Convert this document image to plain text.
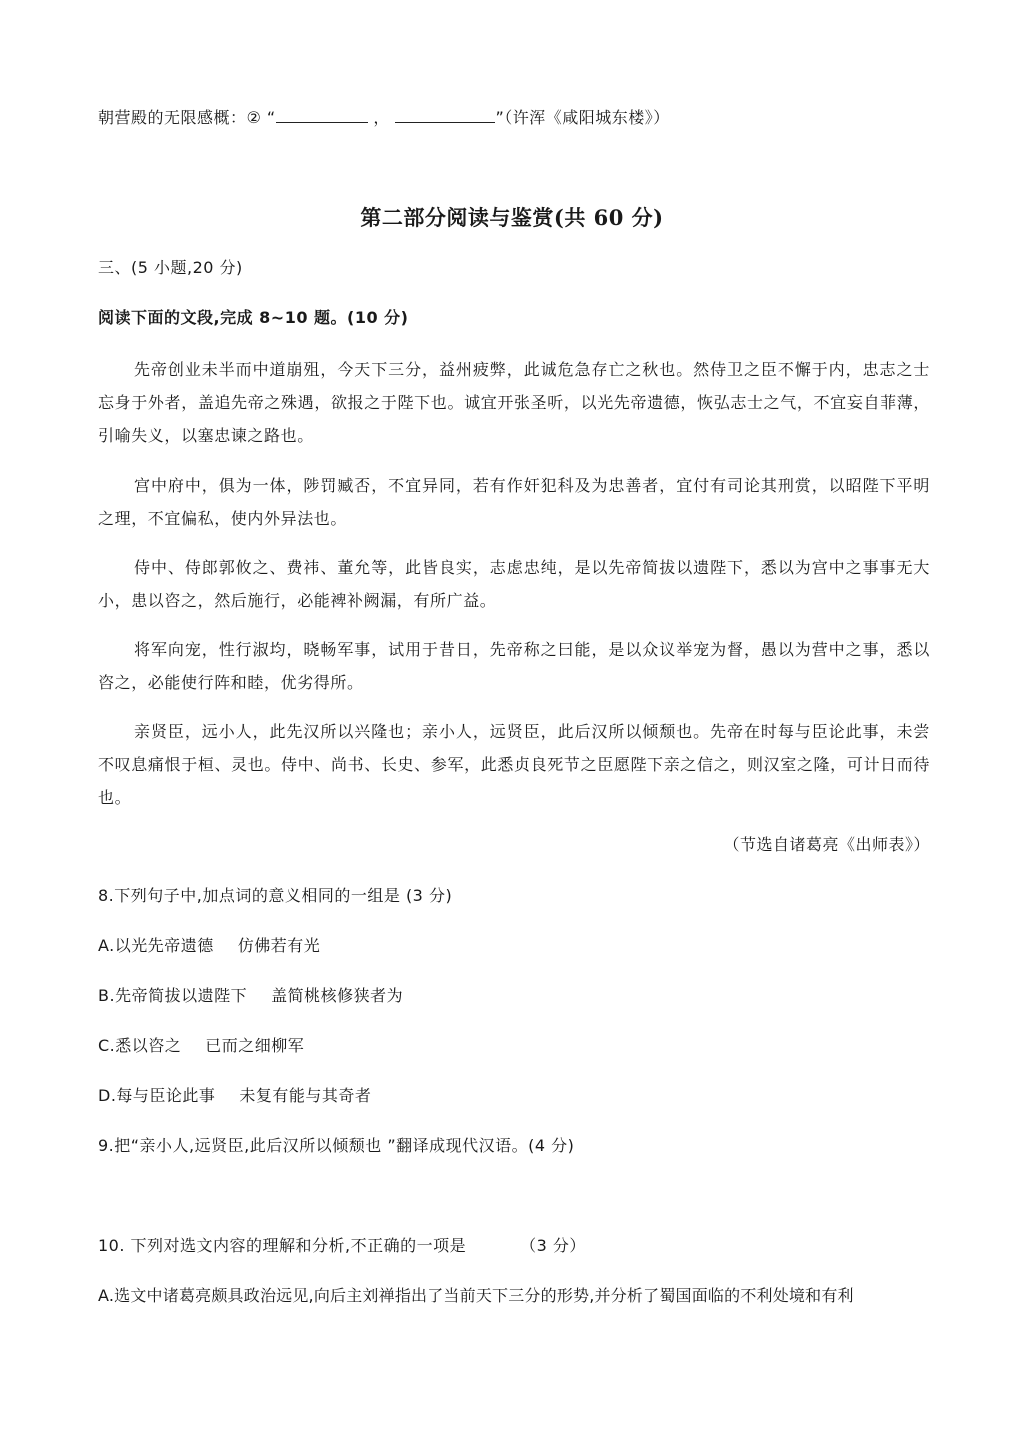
朝营殿的无限感概：② “	，	”（许浑《咸阳城东楼》）
第二部分阅读与鉴赏(共 60 分)
三、(5 小题,20 分)
阅读下面的文段,完成 8~10 题。(10 分)
先帝创业未半而中道崩殂，今天下三分，益州疲弊，此诚危急存亡之秋也。然侍卫之臣不懈于内，忠志之士忘身于外者，盖追先帝之殊遇，欲报之于陛下也。诚宜开张圣听，以光先帝遗德，恢弘志士之气，不宜妄自菲薄，引喻失义，以塞忠谏之路也。
宫中府中，俱为一体，陟罚臧否，不宜异同，若有作奸犯科及为忠善者，宜付有司论其刑赏，以昭陛下平明之理，不宜偏私，使内外异法也。
侍中、侍郎郭攸之、费祎、董允等，此皆良实，志虑忠纯，是以先帝简拔以遗陛下，悉以为宫中之事事无大小，患以咨之，然后施行，必能裨补阙漏，有所广益。
将军向宠，性行淑均，晓畅军事，试用于昔日，先帝称之曰能，是以众议举宠为督，愚以为营中之事，悉以咨之，必能使行阵和睦，优劣得所。
亲贤臣，远小人，此先汉所以兴隆也；亲小人，远贤臣，此后汉所以倾颓也。先帝在时每与臣论此事，未尝不叹息痛恨于桓、灵也。侍中、尚书、长史、参军，此悉贞良死节之臣愿陛下亲之信之，则汉室之隆，可计日而待也。
（节选自诸葛亮《出师表》）
8.下列句子中,加点词的意义相同的一组是 (3 分)
A.以光先帝遗德 仿佛若有光
B.先帝简拔以遗陛下 盖简桃核修狭者为
C.悉以咨之 已而之细柳军
D.每与臣论此事 未复有能与其奇者
9.把“亲小人,远贤臣,此后汉所以倾颓也 ”翻译成现代汉语。(4 分)
10. 下列对选文内容的理解和分析,不正确的一项是	（3 分）
A.选文中诸葛亮颇具政治远见,向后主刘禅指出了当前天下三分的形势,并分析了蜀国面临的不利处境和有利
